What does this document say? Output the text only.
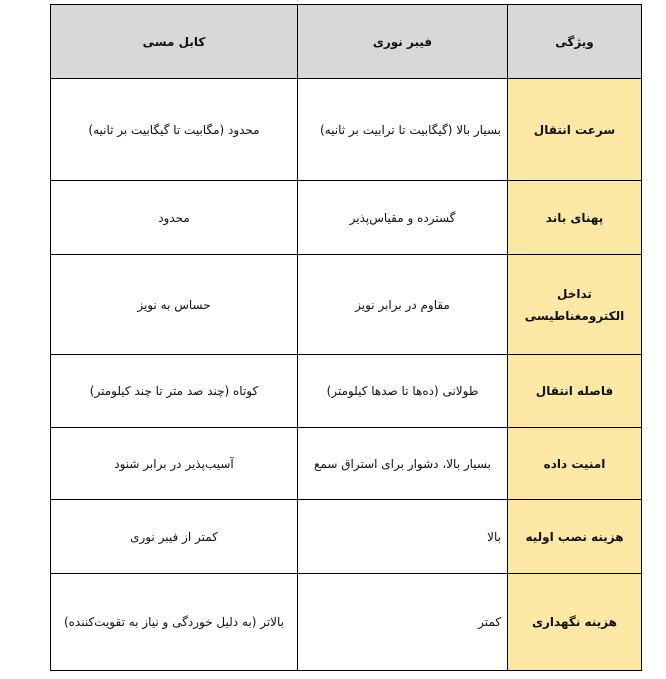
ویژگی	فیبر نوری	کابل مسی
سرعت انتقال	بسیار بالا (گیگابیت تا ترابیت بر ثانیه)	محدود (مگابیت تا گیگابیت بر ثانیه)
پهنای باند	گسترده و مقیاس‌پذیر	محدود
تداخل الکترومغناطیسی	مقاوم در برابر نویز	حساس به نویز
فاصله انتقال	طولانی (ده‌ها تا صدها کیلومتر)	کوتاه (چند صد متر تا چند کیلومتر)
امنیت داده	بسیار بالا، دشوار برای استراق سمع	آسیب‌پذیر در برابر شنود
هزینه نصب اولیه	بالا	کمتر از فیبر نوری
هزینه نگهداری	کمتر	بالاتر (به دلیل خوردگی و نیاز به تقویت‌کننده)
